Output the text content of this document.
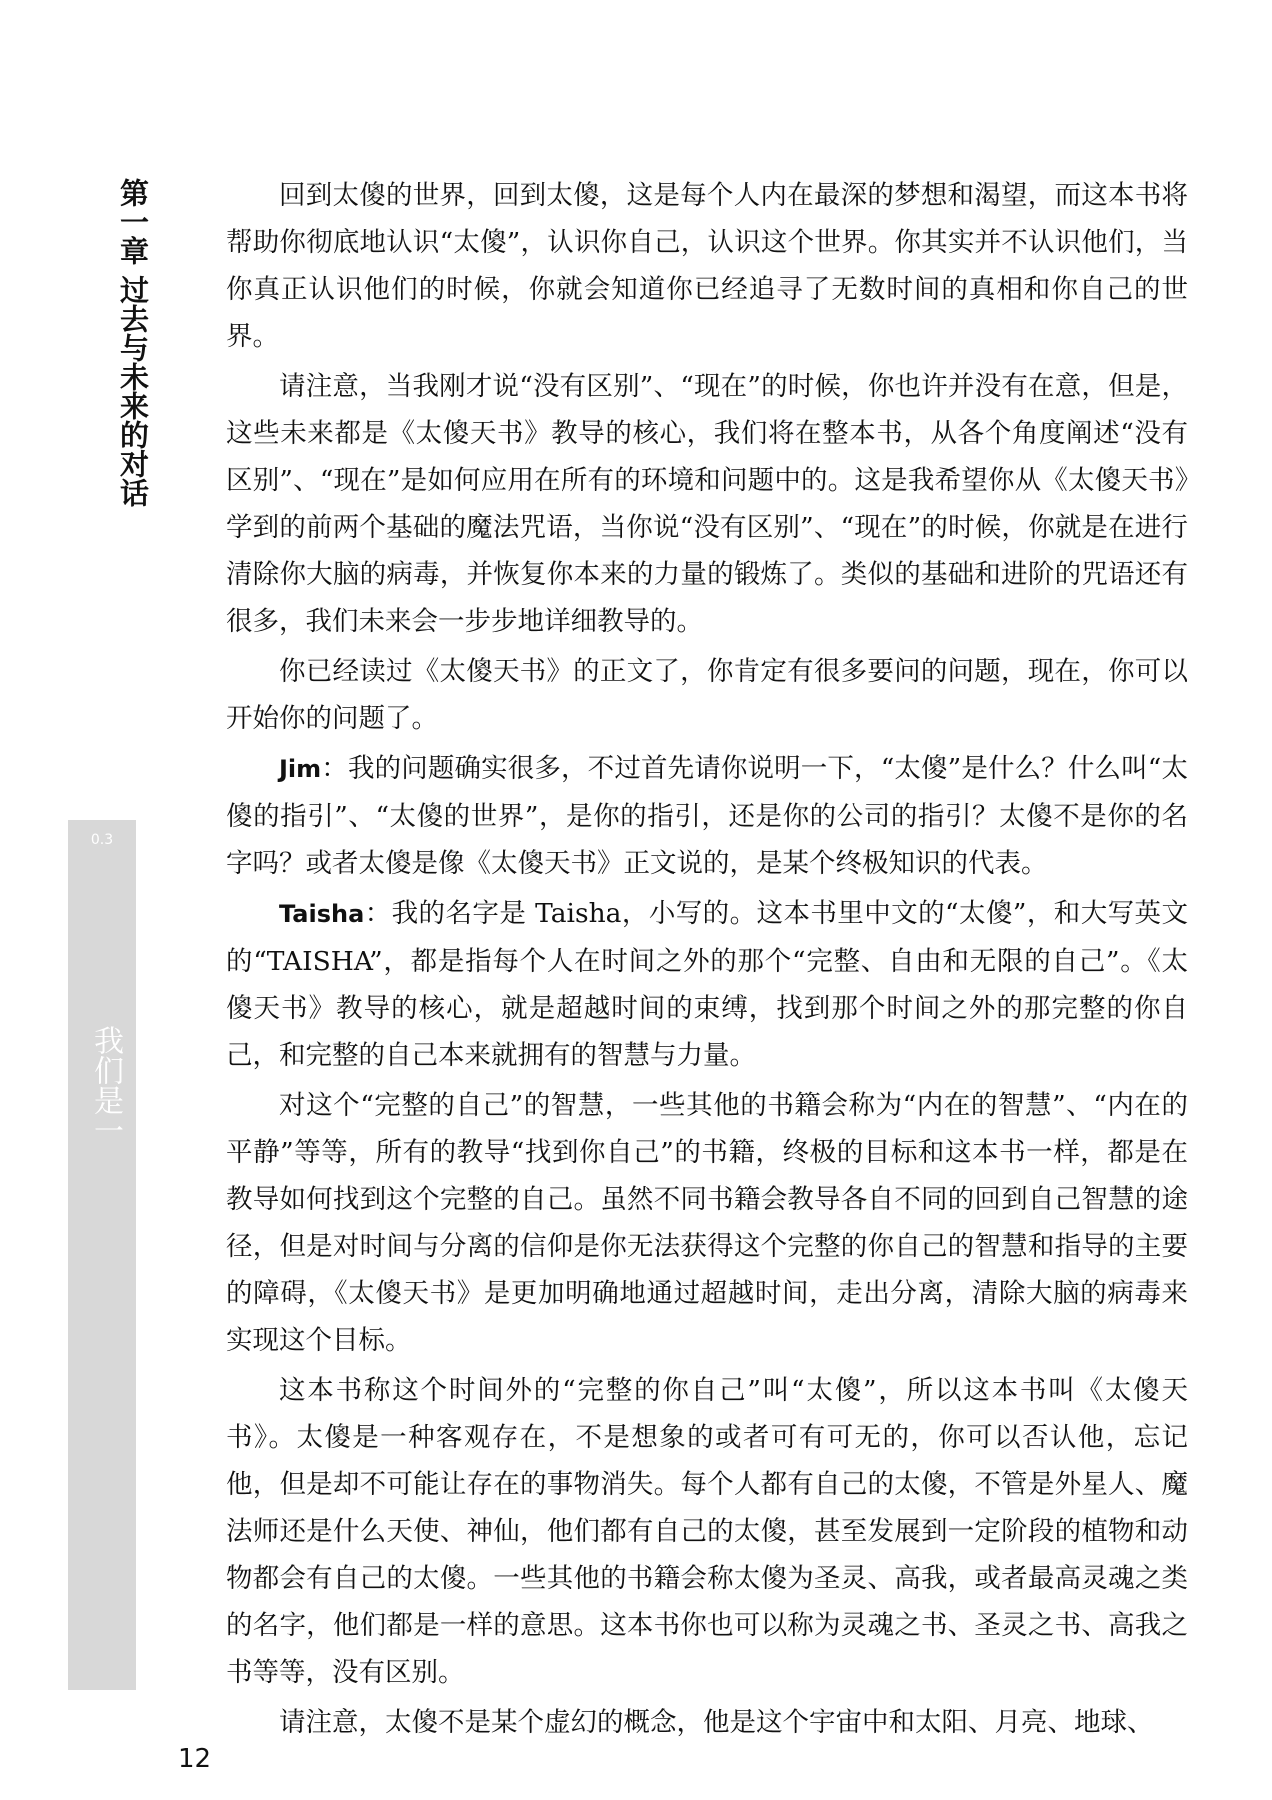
第一章 过去与未来的对话
0.3
我们是一

回到太傻的世界，回到太傻，这是每个人内在最深的梦想和渴望，而这本书将帮助你彻底地认识“太傻”，认识你自己，认识这个世界。你其实并不认识他们，当你真正认识他们的时候，你就会知道你已经追寻了无数时间的真相和你自己的世界。

请注意，当我刚才说“没有区别”、“现在”的时候，你也许并没有在意，但是，这些未来都是《太傻天书》教导的核心，我们将在整本书，从各个角度阐述“没有区别”、“现在”是如何应用在所有的环境和问题中的。这是我希望你从《太傻天书》学到的前两个基础的魔法咒语，当你说“没有区别”、“现在”的时候，你就是在进行清除你大脑的病毒，并恢复你本来的力量的锻炼了。类似的基础和进阶的咒语还有很多，我们未来会一步步地详细教导的。

你已经读过《太傻天书》的正文了，你肯定有很多要问的问题，现在，你可以开始你的问题了。

Jim：我的问题确实很多，不过首先请你说明一下，“太傻”是什么？什么叫“太傻的指引”、“太傻的世界”，是你的指引，还是你的公司的指引？太傻不是你的名字吗？或者太傻是像《太傻天书》正文说的，是某个终极知识的代表。

Taisha：我的名字是 Taisha，小写的。这本书里中文的“太傻”，和大写英文的“TAISHA”，都是指每个人在时间之外的那个“完整、自由和无限的自己”。《太傻天书》教导的核心，就是超越时间的束缚，找到那个时间之外的那完整的你自己，和完整的自己本来就拥有的智慧与力量。

对这个“完整的自己”的智慧，一些其他的书籍会称为“内在的智慧”、“内在的平静”等等，所有的教导“找到你自己”的书籍，终极的目标和这本书一样，都是在教导如何找到这个完整的自己。虽然不同书籍会教导各自不同的回到自己智慧的途径，但是对时间与分离的信仰是你无法获得这个完整的你自己的智慧和指导的主要的障碍，《太傻天书》是更加明确地通过超越时间，走出分离，清除大脑的病毒来实现这个目标。

这本书称这个时间外的“完整的你自己”叫“太傻”，所以这本书叫《太傻天书》。太傻是一种客观存在，不是想象的或者可有可无的，你可以否认他，忘记他，但是却不可能让存在的事物消失。每个人都有自己的太傻，不管是外星人、魔法师还是什么天使、神仙，他们都有自己的太傻，甚至发展到一定阶段的植物和动物都会有自己的太傻。一些其他的书籍会称太傻为圣灵、高我，或者最高灵魂之类的名字，他们都是一样的意思。这本书你也可以称为灵魂之书、圣灵之书、高我之书等等，没有区别。

请注意，太傻不是某个虚幻的概念，他是这个宇宙中和太阳、月亮、地球、

12
